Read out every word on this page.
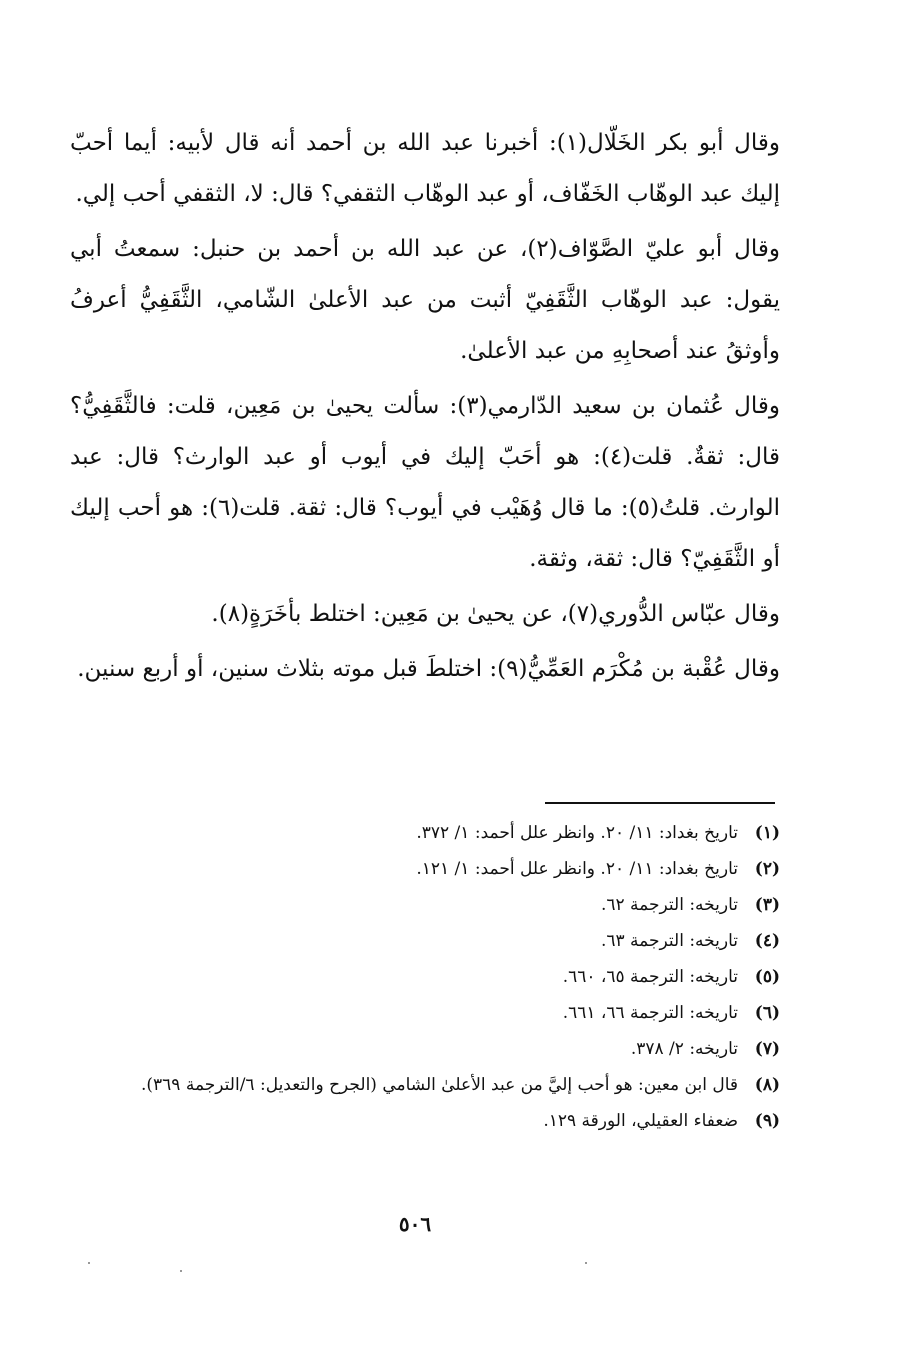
وقال أبو بكر الخَلّال(١): أخبرنا عبد الله بن أحمد أنه قال لأبيه: أيما أحبّ إليك عبد الوهّاب الخَفّاف، أو عبد الوهّاب الثقفي؟ قال: لا، الثقفي أحب إلي.

وقال أبو عليّ الصَّوّاف(٢)، عن عبد الله بن أحمد بن حنبل: سمعتُ أبي يقول: عبد الوهّاب الثَّقَفِيّ أثبت من عبد الأعلىٰ الشّامي، الثَّقَفِيُّ أعرفُ وأوثقُ عند أصحابِهِ من عبد الأعلىٰ.

وقال عُثمان بن سعيد الدّارمي(٣): سألت يحيىٰ بن مَعِين، قلت: فالثَّقَفِيُّ؟ قال: ثقةٌ. قلت(٤): هو أحَبّ إليك في أيوب أو عبد الوارث؟ قال: عبد الوارث. قلتُ(٥): ما قال وُهَيْب في أيوب؟ قال: ثقة. قلت(٦): هو أحب إليك أو الثَّقَفِيّ؟ قال: ثقة، وثقة.

وقال عبّاس الدُّوري(٧)، عن يحيىٰ بن مَعِين: اختلط بأخَرَةٍ(٨).

وقال عُقْبة بن مُكْرَم العَمِّيُّ(٩): اختلطَ قبل موته بثلاث سنين، أو أربع سنين.

(١)
تاريخ بغداد: ١١/ ٢٠. وانظر علل أحمد: ١/ ٣٧٢.
(٢)
تاريخ بغداد: ١١/ ٢٠. وانظر علل أحمد: ١/ ١٢١.
(٣)
تاريخه: الترجمة ٦٢.
(٤)
تاريخه: الترجمة ٦٣.
(٥)
تاريخه: الترجمة ٦٥، ٦٦٠.
(٦)
تاريخه: الترجمة ٦٦، ٦٦١.
(٧)
تاريخه: ٢/ ٣٧٨.
(٨)
قال ابن معين: هو أحب إليَّ من عبد الأعلىٰ الشامي (الجرح والتعديل: ٦/الترجمة ٣٦٩).
(٩)
ضعفاء العقيلي، الورقة ١٢٩.
٥٠٦
